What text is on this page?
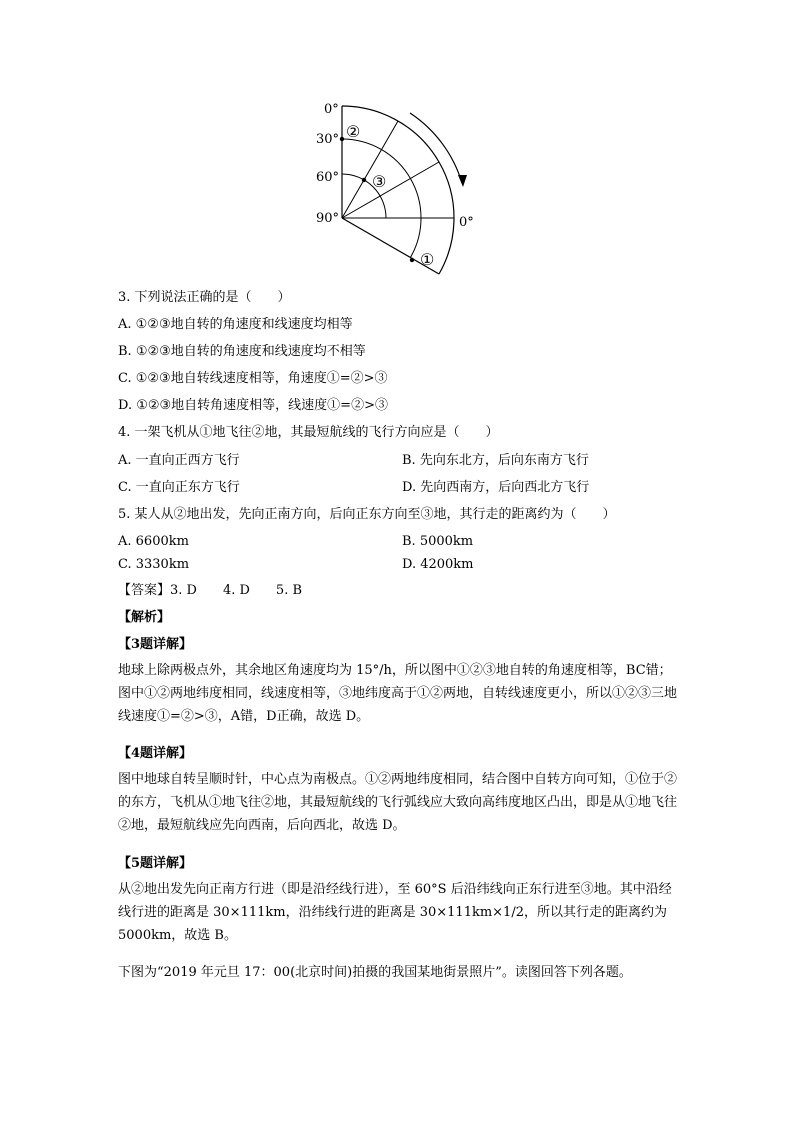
0°
30°
60°
90°	0°
②
③
①
3. 下列说法正确的是（　　）
A. ①②③地自转的角速度和线速度均相等
B. ①②③地自转的角速度和线速度均不相等
C. ①②③地自转线速度相等，角速度①=②>③
D. ①②③地自转角速度相等，线速度①=②>③
4. 一架飞机从①地飞往②地，其最短航线的飞行方向应是（　　）
A. 一直向正西方飞行	B. 先向东北方，后向东南方飞行
C. 一直向正东方飞行	D. 先向西南方，后向西北方飞行
5. 某人从②地出发，先向正南方向，后向正东方向至③地，其行走的距离约为（　　）
A. 6600km	B. 5000km
C. 3330km	D. 4200km
【答案】3. D　　4. D　　5. B
【解析】
【3题详解】
地球上除两极点外，其余地区角速度均为 15°/h，所以图中①②③地自转的角速度相等，BC错；图中①②两地纬度相同，线速度相等，③地纬度高于①②两地，自转线速度更小，所以①②③三地线速度①=②>③，A错，D正确，故选 D。
【4题详解】
图中地球自转呈顺时针，中心点为南极点。①②两地纬度相同，结合图中自转方向可知，①位于②的东方，飞机从①地飞往②地，其最短航线的飞行弧线应大致向高纬度地区凸出，即是从①地飞往②地，最短航线应先向西南，后向西北，故选 D。
【5题详解】
从②地出发先向正南方行进（即是沿经线行进），至 60°S 后沿纬线向正东行进至③地。其中沿经线行进的距离是 30×111km，沿纬线行进的距离是 30×111km×1/2，所以其行走的距离约为 5000km，故选 B。
下图为“2019 年元旦 17：00(北京时间)拍摄的我国某地街景照片”。读图回答下列各题。
